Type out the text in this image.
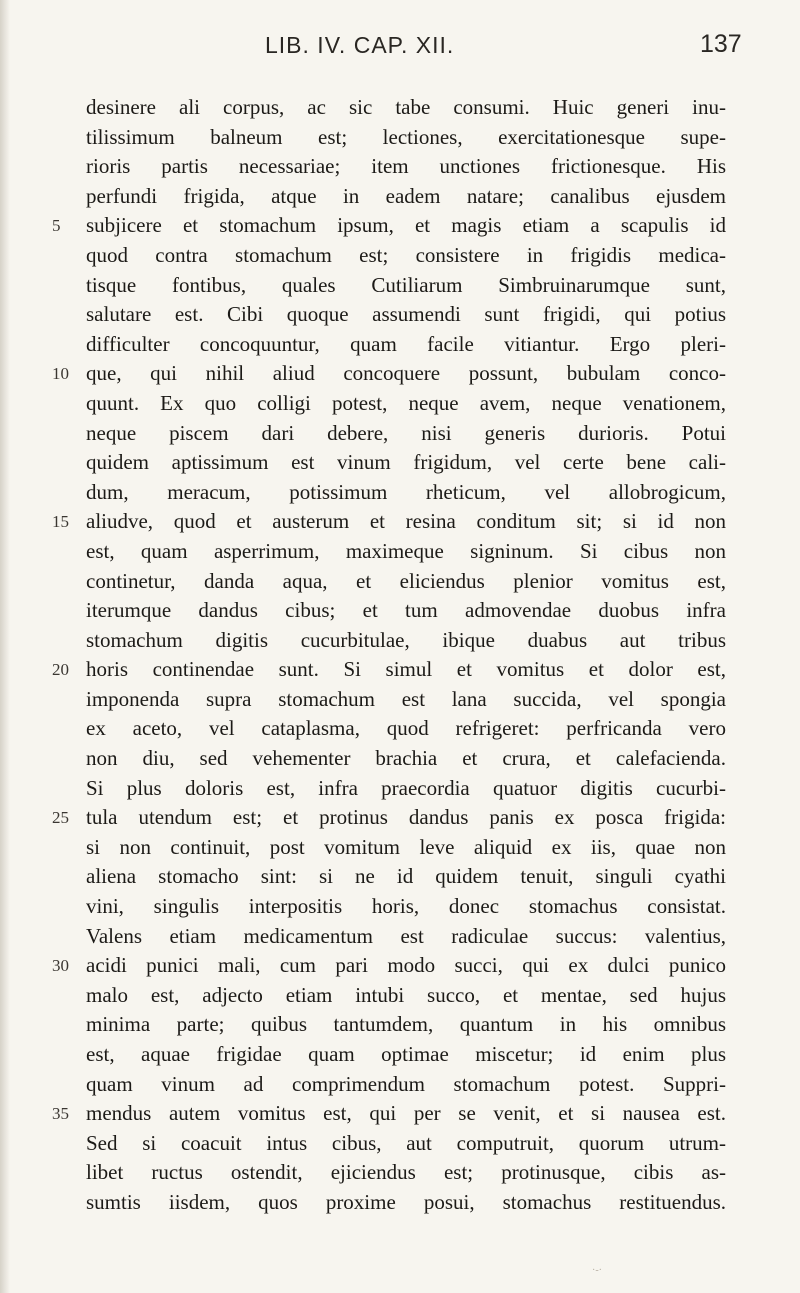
LIB. IV. CAP. XII.	137
desinere ali corpus, ac sic tabe consumi. Huic generi inu-
tilissimum balneum est; lectiones, exercitationesque supe-
rioris partis necessariae; item unctiones frictionesque. His
perfundi frigida, atque in eadem natare; canalibus ejusdem
5	subjicere et stomachum ipsum, et magis etiam a scapulis id
quod contra stomachum est; consistere in frigidis medica-
tisque fontibus, quales Cutiliarum Simbruinarumque sunt,
salutare est. Cibi quoque assumendi sunt frigidi, qui potius
difficulter concoquuntur, quam facile vitiantur. Ergo pleri-
10 que, qui nihil aliud concoquere possunt, bubulam conco-
quunt. Ex quo colligi potest, neque avem, neque venationem,
neque piscem dari debere, nisi generis durioris. Potui
quidem aptissimum est vinum frigidum, vel certe bene cali-
dum, meracum, potissimum rheticum, vel allobrogicum,
15 aliudve, quod et austerum et resina conditum sit; si id non
est, quam asperrimum, maximeque signinum. Si cibus non
continetur, danda aqua, et eliciendus plenior vomitus est,
iterumque dandus cibus; et tum admovendae duobus infra
stomachum digitis cucurbitulae, ibique duabus aut tribus
20 horis continendae sunt. Si simul et vomitus et dolor est,
imponenda supra stomachum est lana succida, vel spongia
ex aceto, vel cataplasma, quod refrigeret: perfricanda vero
non diu, sed vehementer brachia et crura, et calefacienda.
Si plus doloris est, infra praecordia quatuor digitis cucurbi-
25 tula utendum est; et protinus dandus panis ex posca frigida:
si non continuit, post vomitum leve aliquid ex iis, quae non
aliena stomacho sint: si ne id quidem tenuit, singuli cyathi
vini, singulis interpositis horis, donec stomachus consistat.
Valens etiam medicamentum est radiculae succus: valentius,
30 acidi punici mali, cum pari modo succi, qui ex dulci punico
malo est, adjecto etiam intubi succo, et mentae, sed hujus
minima parte; quibus tantumdem, quantum in his omnibus
est, aquae frigidae quam optimae miscetur; id enim plus
quam vinum ad comprimendum stomachum potest. Suppri-
35 mendus autem vomitus est, qui per se venit, et si nausea est.
Sed si coacuit intus cibus, aut computruit, quorum utrum-
libet ructus ostendit, ejiciendus est; protinusque, cibis as-
sumtis iisdem, quos proxime posui, stomachus restituendus.
·‐·
